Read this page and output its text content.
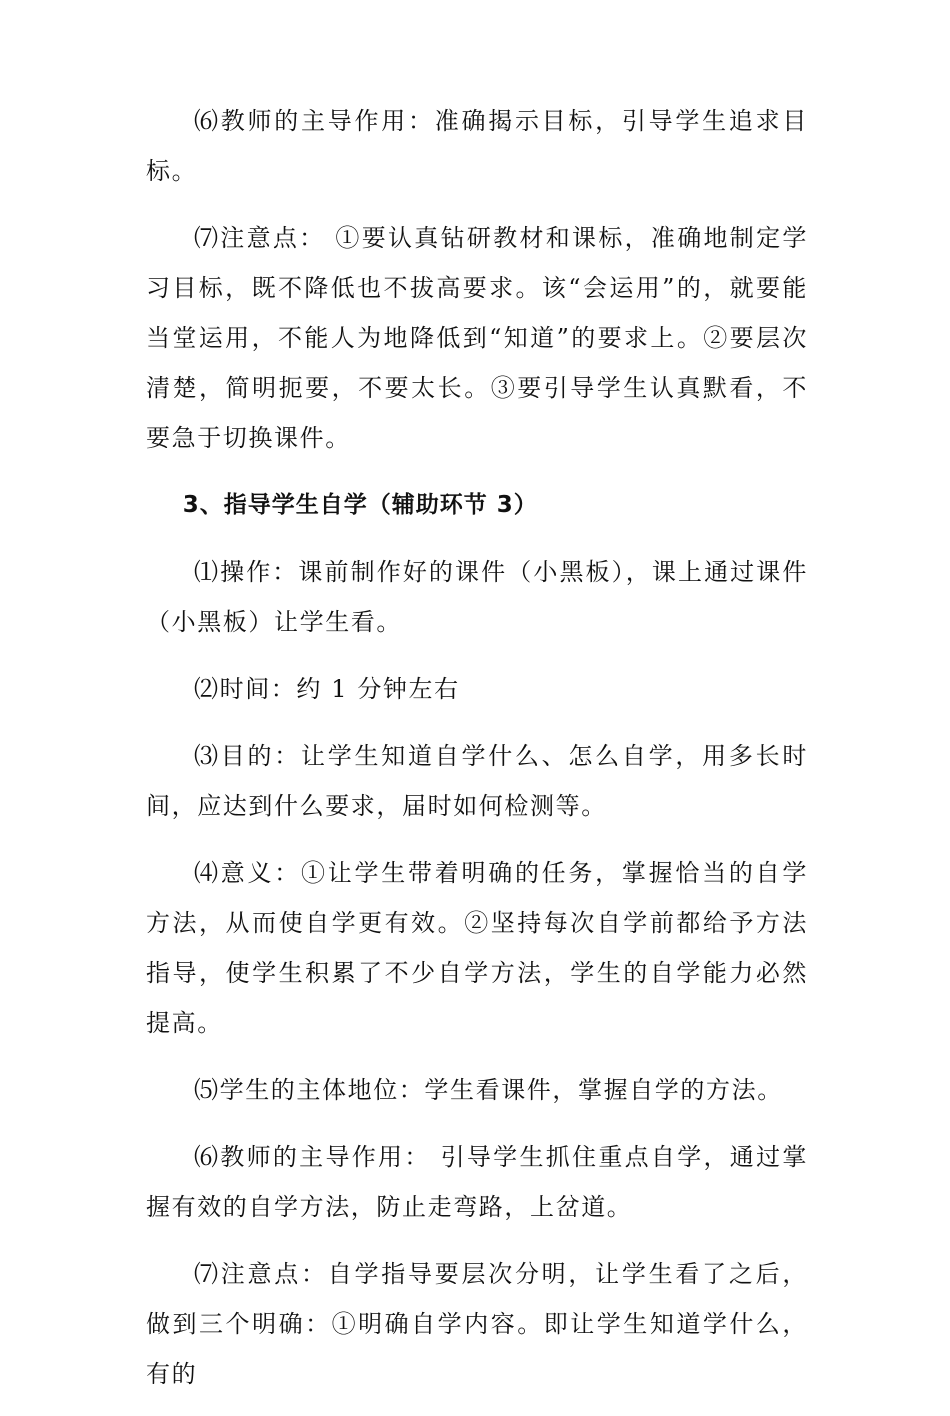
⑹教师的主导作用：准确揭示目标，引导学生追求目标。

⑺注意点： ①要认真钻研教材和课标，准确地制定学习目标，既不降低也不拔高要求。该“会运用”的，就要能当堂运用，不能人为地降低到“知道”的要求上。②要层次清楚，简明扼要，不要太长。③要引导学生认真默看，不要急于切换课件。

3、指导学生自学（辅助环节 3）

⑴操作：课前制作好的课件（小黑板），课上通过课件（小黑板）让学生看。

⑵时间：约 1 分钟左右

⑶目的：让学生知道自学什么、怎么自学，用多长时间，应达到什么要求，届时如何检测等。

⑷意义：①让学生带着明确的任务，掌握恰当的自学方法，从而使自学更有效。②坚持每次自学前都给予方法指导，使学生积累了不少自学方法，学生的自学能力必然提高。

⑸学生的主体地位：学生看课件，掌握自学的方法。

⑹教师的主导作用： 引导学生抓住重点自学，通过掌握有效的自学方法，防止走弯路，上岔道。

⑺注意点：自学指导要层次分明，让学生看了之后，做到三个明确：①明确自学内容。即让学生知道学什么，有的
